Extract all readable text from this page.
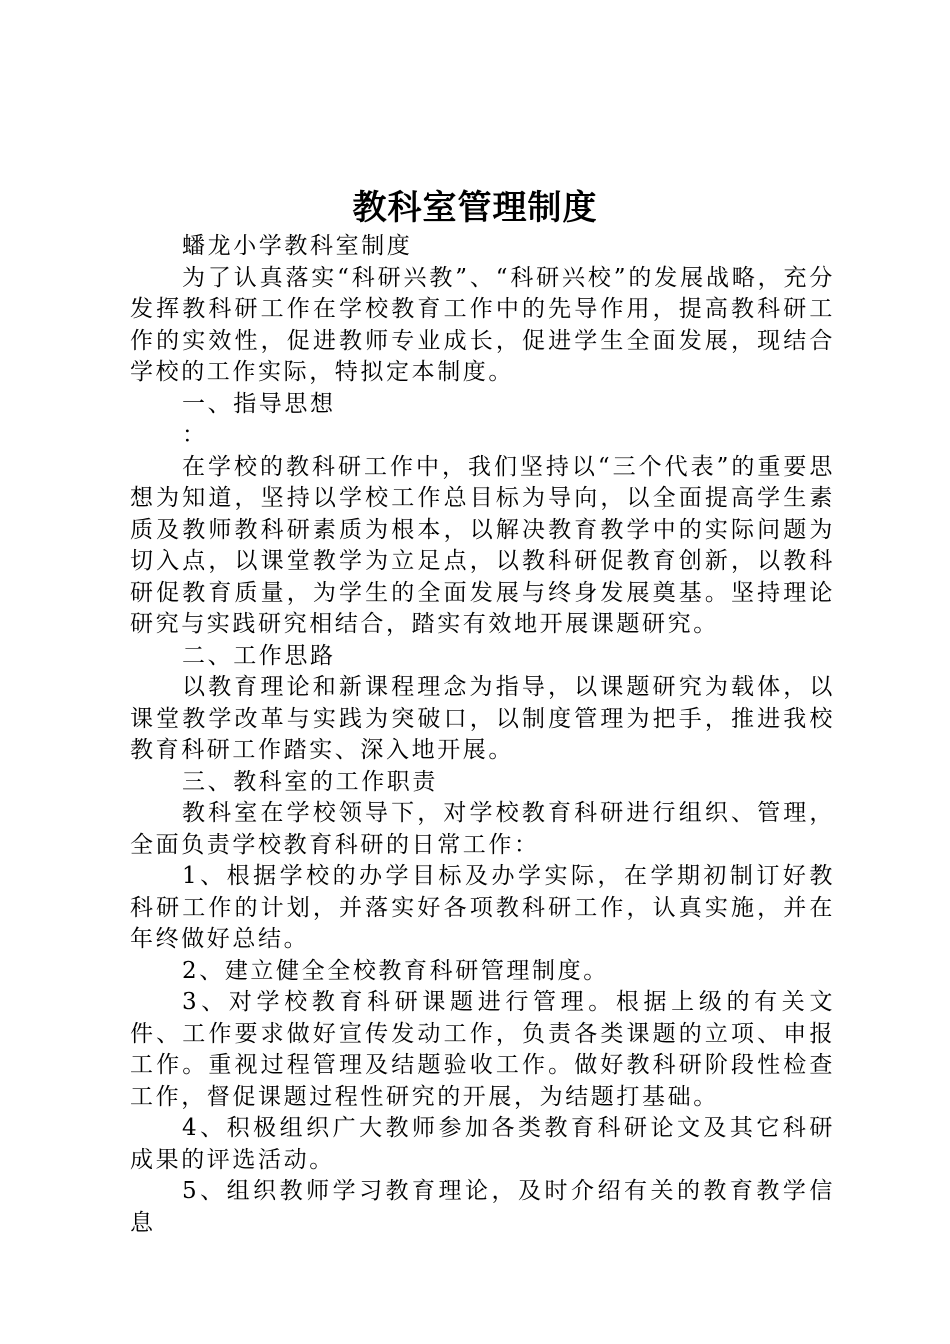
教科室管理制度

蟠龙小学教科室制度

为了认真落实“科研兴教”、“科研兴校”的发展战略，充分发挥教科研工作在学校教育工作中的先导作用，提高教科研工作的实效性，促进教师专业成长，促进学生全面发展，现结合学校的工作实际，特拟定本制度。

一、指导思想

：

在学校的教科研工作中，我们坚持以“三个代表”的重要思想为知道，坚持以学校工作总目标为导向，以全面提高学生素质及教师教科研素质为根本，以解决教育教学中的实际问题为切入点，以课堂教学为立足点，以教科研促教育创新，以教科研促教育质量，为学生的全面发展与终身发展奠基。坚持理论研究与实践研究相结合，踏实有效地开展课题研究。

二、工作思路

以教育理论和新课程理念为指导，以课题研究为载体，以课堂教学改革与实践为突破口，以制度管理为把手，推进我校教育科研工作踏实、深入地开展。

三、教科室的工作职责

教科室在学校领导下，对学校教育科研进行组织、管理，全面负责学校教育科研的日常工作：

1、根据学校的办学目标及办学实际，在学期初制订好教科研工作的计划，并落实好各项教科研工作，认真实施，并在年终做好总结。

2、建立健全全校教育科研管理制度。

3、对学校教育科研课题进行管理。根据上级的有关文件、工作要求做好宣传发动工作，负责各类课题的立项、申报工作。重视过程管理及结题验收工作。做好教科研阶段性检查工作，督促课题过程性研究的开展，为结题打基础。

4、积极组织广大教师参加各类教育科研论文及其它科研成果的评选活动。

5、组织教师学习教育理论，及时介绍有关的教育教学信息
